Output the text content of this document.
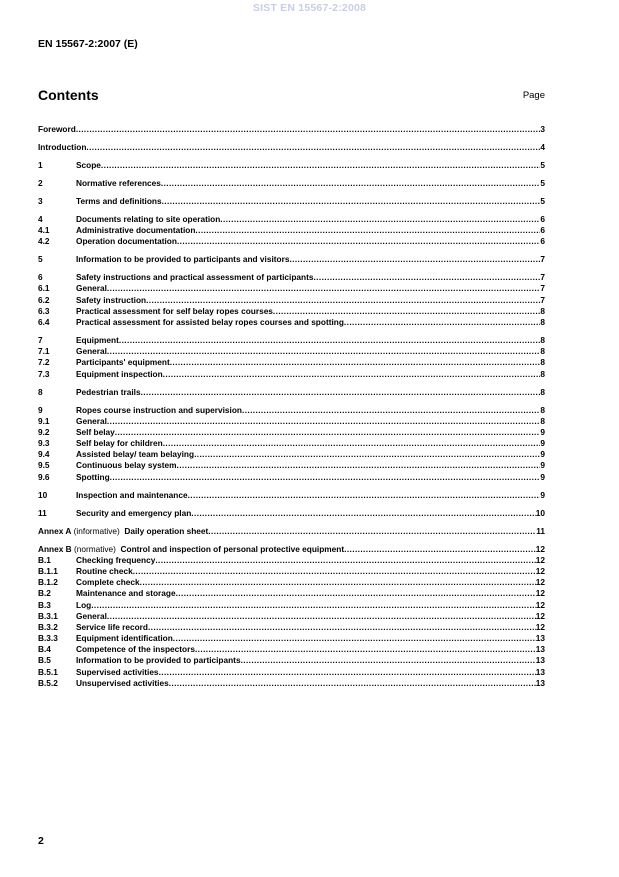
SIST EN 15567-2:2008
EN 15567-2:2007 (E)
Contents	Page
Foreword .....	3
Introduction .....	4
1	Scope .....	5
2	Normative references .....	5
3	Terms and definitions .....	5
4	Documents relating to site operation .....	6
4.1	Administrative documentation .....	6
4.2	Operation documentation .....	6
5	Information to be provided to participants and visitors .....	7
6	Safety instructions and practical assessment of participants .....	7
6.1	General .....	7
6.2	Safety instruction .....	7
6.3	Practical assessment for self belay ropes courses .....	8
6.4	Practical assessment for assisted belay ropes courses and spotting .....	8
7	Equipment .....	8
7.1	General .....	8
7.2	Participants' equipment .....	8
7.3	Equipment inspection .....	8
8	Pedestrian trails .....	8
9	Ropes course instruction and supervision .....	8
9.1	General .....	8
9.2	Self belay .....	9
9.3	Self belay for children .....	9
9.4	Assisted belay/ team belaying .....	9
9.5	Continuous belay system .....	9
9.6	Spotting .....	9
10	Inspection and maintenance .....	9
11	Security and emergency plan .....	10
Annex A (informative)  Daily operation sheet .....	11
Annex B (normative)  Control and inspection of personal protective equipment .....	12
B.1	Checking frequency .....	12
B.1.1	Routine check .....	12
B.1.2	Complete check .....	12
B.2	Maintenance and storage .....	12
B.3	Log .....	12
B.3.1	General .....	12
B.3.2	Service life record .....	12
B.3.3	Equipment identification .....	13
B.4	Competence of the inspectors .....	13
B.5	Information to be provided to participants .....	13
B.5.1	Supervised activities .....	13
B.5.2	Unsupervised activities .....	13
2
